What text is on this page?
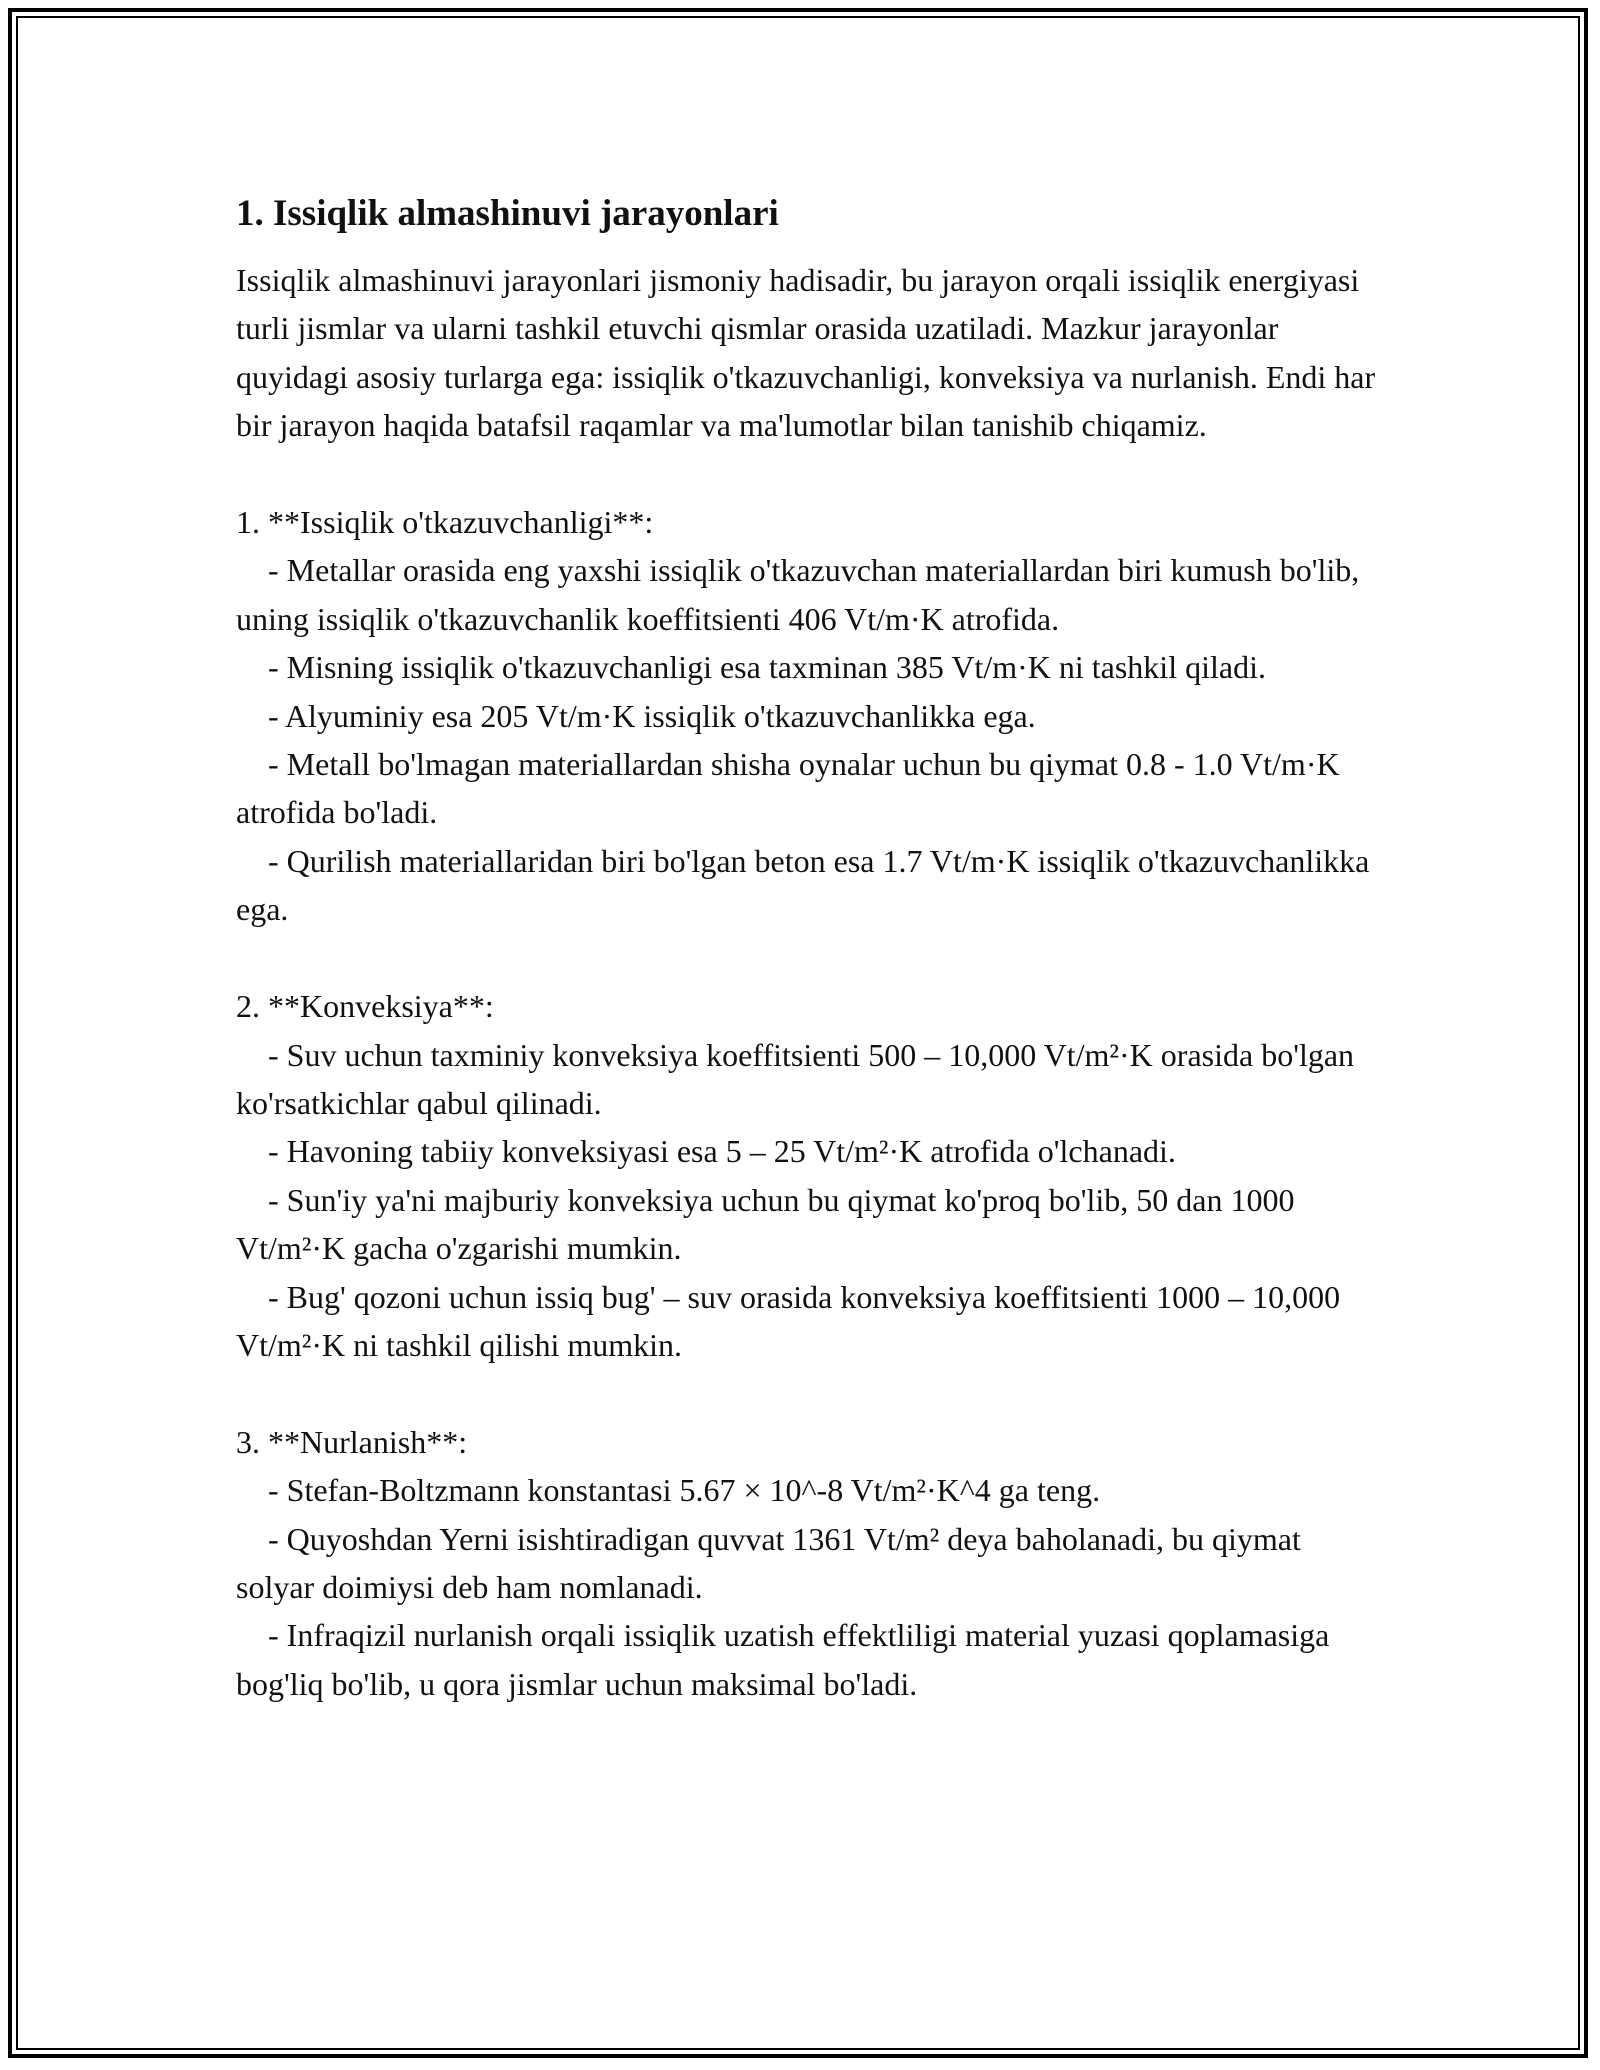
1. Issiqlik almashinuvi jarayonlari

Issiqlik almashinuvi jarayonlari jismoniy hadisadir, bu jarayon orqali issiqlik energiyasi turli jismlar va ularni tashkil etuvchi qismlar orasida uzatiladi. Mazkur jarayonlar quyidagi asosiy turlarga ega: issiqlik o'tkazuvchanligi, konveksiya va nurlanish. Endi har bir jarayon haqida batafsil raqamlar va ma'lumotlar bilan tanishib chiqamiz.

1. **Issiqlik o'tkazuvchanligi**:
- Metallar orasida eng yaxshi issiqlik o'tkazuvchan materiallardan biri kumush bo'lib, uning issiqlik o'tkazuvchanlik koeffitsienti 406 Vt/m·K atrofida.
- Misning issiqlik o'tkazuvchanligi esa taxminan 385 Vt/m·K ni tashkil qiladi.
- Alyuminiy esa 205 Vt/m·K issiqlik o'tkazuvchanlikka ega.
- Metall bo'lmagan materiallardan shisha oynalar uchun bu qiymat 0.8 - 1.0 Vt/m·K atrofida bo'ladi.
- Qurilish materiallaridan biri bo'lgan beton esa 1.7 Vt/m·K issiqlik o'tkazuvchanlikka ega.

2. **Konveksiya**:
- Suv uchun taxminiy konveksiya koeffitsienti 500 – 10,000 Vt/m²·K orasida bo'lgan ko'rsatkichlar qabul qilinadi.
- Havoning tabiiy konveksiyasi esa 5 – 25 Vt/m²·K atrofida o'lchanadi.
- Sun'iy ya'ni majburiy konveksiya uchun bu qiymat ko'proq bo'lib, 50 dan 1000 Vt/m²·K gacha o'zgarishi mumkin.
- Bug' qozoni uchun issiq bug' – suv orasida konveksiya koeffitsienti 1000 – 10,000 Vt/m²·K ni tashkil qilishi mumkin.

3. **Nurlanish**:
- Stefan-Boltzmann konstantasi 5.67 × 10^-8 Vt/m²·K^4 ga teng.
- Quyoshdan Yerni isishtiradigan quvvat 1361 Vt/m² deya baholanadi, bu qiymat solyar doimiysi deb ham nomlanadi.
- Infraqizil nurlanish orqali issiqlik uzatish effektliligi material yuzasi qoplamasiga bog'liq bo'lib, u qora jismlar uchun maksimal bo'ladi.
